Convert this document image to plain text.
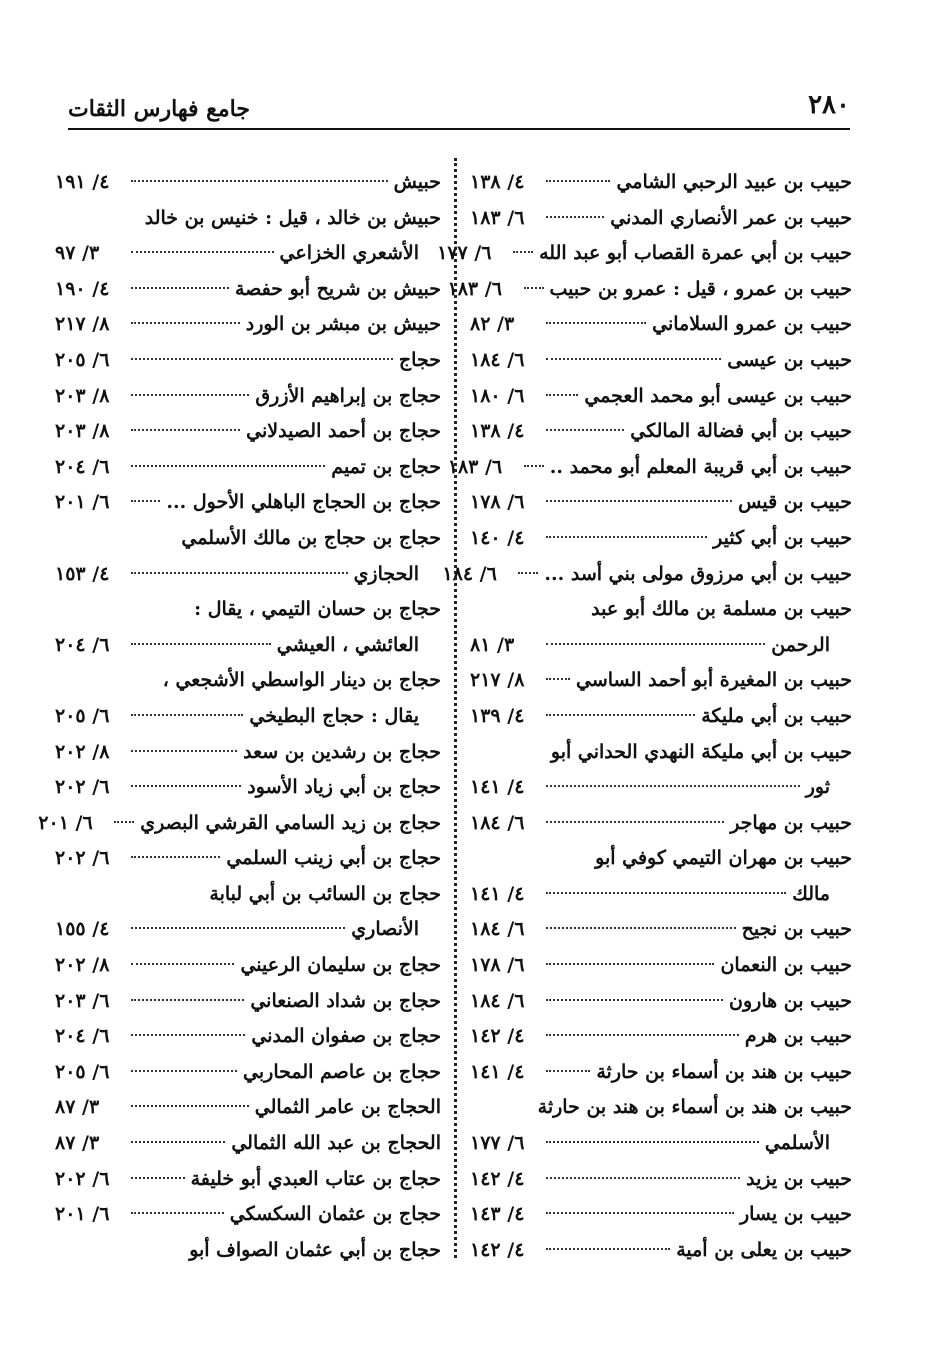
٢٨٠
جامع فهارس الثقات
حبيب بن عبيد الرحبي الشامي
٤/ ١٣٨
حبيب بن عمر الأنصاري المدني
٦/ ١٨٣
حبيب بن أبي عمرة القصاب أبو عبد الله
٦/ ١٧٧
حبيب بن عمرو ، قيل : عمرو بن حبيب
٦/ ١٨٣
حبيب بن عمرو السلاماني
٣/ ٨٢
حبيب بن عيسى
٦/ ١٨٤
حبيب بن عيسى أبو محمد العجمي
٦/ ١٨٠
حبيب بن أبي فضالة المالكي
٤/ ١٣٨
حبيب بن أبي قريبة المعلم أبو محمد ..
٦/ ١٨٣
حبيب بن قيس
٦/ ١٧٨
حبيب بن أبي كثير
٤/ ١٤٠
حبيب بن أبي مرزوق مولى بني أسد ...
٦/ ١٨٤
حبيب بن مسلمة بن مالك أبو عبد
الرحمن
٣/ ٨١
حبيب بن المغيرة أبو أحمد الساسي
٨/ ٢١٧
حبيب بن أبي مليكة
٤/ ١٣٩
حبيب بن أبي مليكة النهدي الحداني أبو
ثور
٤/ ١٤١
حبيب بن مهاجر
٦/ ١٨٤
حبيب بن مهران التيمي كوفي أبو
مالك
٤/ ١٤١
حبيب بن نجيح
٦/ ١٨٤
حبيب بن النعمان
٦/ ١٧٨
حبيب بن هارون
٦/ ١٨٤
حبيب بن هرم
٤/ ١٤٢
حبيب بن هند بن أسماء بن حارثة
٤/ ١٤١
حبيب بن هند بن أسماء بن هند بن حارثة
الأسلمي
٦/ ١٧٧
حبيب بن يزيد
٤/ ١٤٢
حبيب بن يسار
٤/ ١٤٣
حبيب بن يعلى بن أمية
٤/ ١٤٢
حبيش
٤/ ١٩١
حبيش بن خالد ، قيل : خنيس بن خالد
الأشعري الخزاعي
٣/ ٩٧
حبيش بن شريح أبو حفصة
٤/ ١٩٠
حبيش بن مبشر بن الورد
٨/ ٢١٧
حجاج
٦/ ٢٠٥
حجاج بن إبراهيم الأزرق
٨/ ٢٠٣
حجاج بن أحمد الصيدلاني
٨/ ٢٠٣
حجاج بن تميم
٦/ ٢٠٤
حجاج بن الحجاج الباهلي الأحول ...
٦/ ٢٠١
حجاج بن حجاج بن مالك الأسلمي
الحجازي
٤/ ١٥٣
حجاج بن حسان التيمي ، يقال :
العائشي ، العيشي
٦/ ٢٠٤
حجاج بن دينار الواسطي الأشجعي ،
يقال : حجاج البطيخي
٦/ ٢٠٥
حجاج بن رشدين بن سعد
٨/ ٢٠٢
حجاج بن أبي زياد الأسود
٦/ ٢٠٢
حجاج بن زيد السامي القرشي البصري
٦/ ٢٠١
حجاج بن أبي زينب السلمي
٦/ ٢٠٢
حجاج بن السائب بن أبي لبابة
الأنصاري
٤/ ١٥٥
حجاج بن سليمان الرعيني
٨/ ٢٠٢
حجاج بن شداد الصنعاني
٦/ ٢٠٣
حجاج بن صفوان المدني
٦/ ٢٠٤
حجاج بن عاصم المحاربي
٦/ ٢٠٥
الحجاج بن عامر الثمالي
٣/ ٨٧
الحجاج بن عبد الله الثمالي
٣/ ٨٧
حجاج بن عتاب العبدي أبو خليفة
٦/ ٢٠٢
حجاج بن عثمان السكسكي
٦/ ٢٠١
حجاج بن أبي عثمان الصواف أبو
